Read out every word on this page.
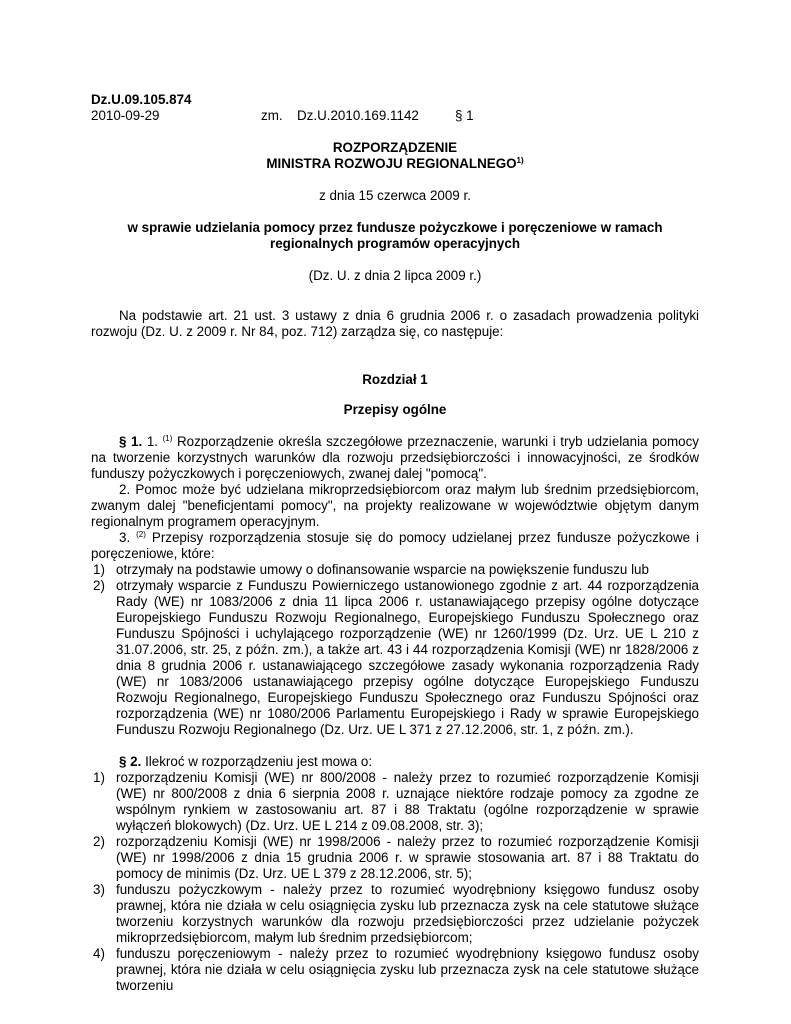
Dz.U.09.105.874
2010-09-29	zm. Dz.U.2010.169.1142	§ 1
ROZPORZĄDZENIE
MINISTRA ROZWOJU REGIONALNEGO$^{1)}$
z dnia 15 czerwca 2009 r.
w sprawie udzielania pomocy przez fundusze pożyczkowe i poręczeniowe w ramach regionalnych programów operacyjnych
(Dz. U. z dnia 2 lipca 2009 r.)
Na podstawie art. 21 ust. 3 ustawy z dnia 6 grudnia 2006 r. o zasadach prowadzenia polityki rozwoju (Dz. U. z 2009 r. Nr 84, poz. 712) zarządza się, co następuje:
Rozdział 1
Przepisy ogólne
§ 1. 1. $^{(1)}$ Rozporządzenie określa szczegółowe przeznaczenie, warunki i tryb udzielania pomocy na tworzenie korzystnych warunków dla rozwoju przedsiębiorczości i innowacyjności, ze środków funduszy pożyczkowych i poręczeniowych, zwanej dalej "pomocą".
2. Pomoc może być udzielana mikroprzedsiębiorcom oraz małym lub średnim przedsiębiorcom, zwanym dalej "beneficjentami pomocy", na projekty realizowane w województwie objętym danym regionalnym programem operacyjnym.
3. $^{(2)}$ Przepisy rozporządzenia stosuje się do pomocy udzielanej przez fundusze pożyczkowe i poręczeniowe, które:
1) otrzymały na podstawie umowy o dofinansowanie wsparcie na powiększenie funduszu lub
2) otrzymały wsparcie z Funduszu Powierniczego ustanowionego zgodnie z art. 44 rozporządzenia Rady (WE) nr 1083/2006 z dnia 11 lipca 2006 r. ustanawiającego przepisy ogólne dotyczące Europejskiego Funduszu Rozwoju Regionalnego, Europejskiego Funduszu Społecznego oraz Funduszu Spójności i uchylającego rozporządzenie (WE) nr 1260/1999 (Dz. Urz. UE L 210 z 31.07.2006, str. 25, z późn. zm.), a także art. 43 i 44 rozporządzenia Komisji (WE) nr 1828/2006 z dnia 8 grudnia 2006 r. ustanawiającego szczegółowe zasady wykonania rozporządzenia Rady (WE) nr 1083/2006 ustanawiającego przepisy ogólne dotyczące Europejskiego Funduszu Rozwoju Regionalnego, Europejskiego Funduszu Społecznego oraz Funduszu Spójności oraz rozporządzenia (WE) nr 1080/2006 Parlamentu Europejskiego i Rady w sprawie Europejskiego Funduszu Rozwoju Regionalnego (Dz. Urz. UE L 371 z 27.12.2006, str. 1, z późn. zm.).
§ 2. Ilekroć w rozporządzeniu jest mowa o:
1) rozporządzeniu Komisji (WE) nr 800/2008 - należy przez to rozumieć rozporządzenie Komisji (WE) nr 800/2008 z dnia 6 sierpnia 2008 r. uznające niektóre rodzaje pomocy za zgodne ze wspólnym rynkiem w zastosowaniu art. 87 i 88 Traktatu (ogólne rozporządzenie w sprawie wyłączeń blokowych) (Dz. Urz. UE L 214 z 09.08.2008, str. 3);
2) rozporządzeniu Komisji (WE) nr 1998/2006 - należy przez to rozumieć rozporządzenie Komisji (WE) nr 1998/2006 z dnia 15 grudnia 2006 r. w sprawie stosowania art. 87 i 88 Traktatu do pomocy de minimis (Dz. Urz. UE L 379 z 28.12.2006, str. 5);
3) funduszu pożyczkowym - należy przez to rozumieć wyodrębniony księgowo fundusz osoby prawnej, która nie działa w celu osiągnięcia zysku lub przeznacza zysk na cele statutowe służące tworzeniu korzystnych warunków dla rozwoju przedsiębiorczości przez udzielanie pożyczek mikroprzedsiębiorcom, małym lub średnim przedsiębiorcom;
4) funduszu poręczeniowym - należy przez to rozumieć wyodrębniony księgowo fundusz osoby prawnej, która nie działa w celu osiągnięcia zysku lub przeznacza zysk na cele statutowe służące tworzeniu
